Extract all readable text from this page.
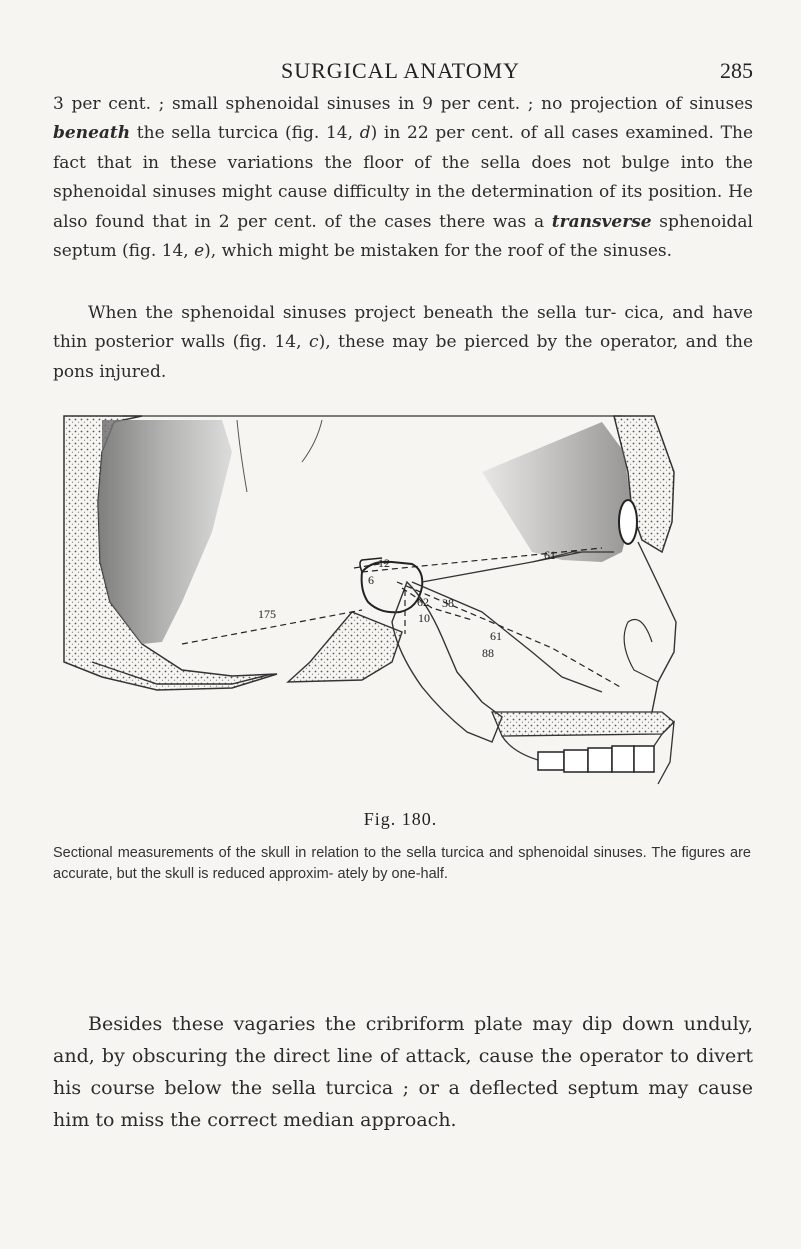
SURGICAL ANATOMY	285
3 per cent. ; small sphenoidal sinuses in 9 per cent. ; no projection of sinuses beneath the sella turcica (fig. 14, d) in 22 per cent. of all cases examined. The fact that in these variations the floor of the sella does not bulge into the sphenoidal sinuses might cause difficulty in the determination of its position. He also found that in 2 per cent. of the cases there was a transverse sphenoidal septum (fig. 14, e), which might be mistaken for the roof of the sinuses.
When the sphenoidal sinuses project beneath the sella tur- cica, and have thin posterior walls (fig. 14, c), these may be pierced by the operator, and the pons injured.
175
12
6
61
38
88
62
10
61
Fig. 180.
Sectional measurements of the skull in relation to the sella turcica and sphenoidal sinuses. The figures are accurate, but the skull is reduced approxim- ately by one-half.
Besides these vagaries the cribriform plate may dip down unduly, and, by obscuring the direct line of attack, cause the operator to divert his course below the sella turcica ; or a deflected septum may cause him to miss the correct median approach.
